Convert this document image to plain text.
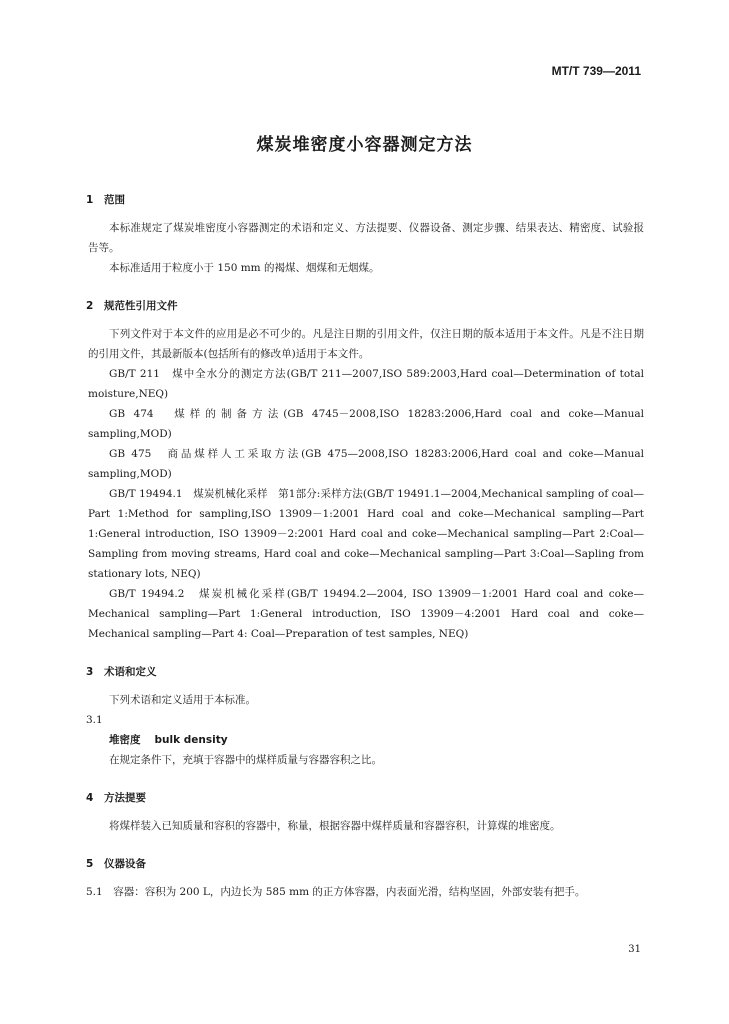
MT/T 739—2011
煤炭堆密度小容器测定方法
1 范围

本标准规定了煤炭堆密度小容器测定的术语和定义、方法提要、仪器设备、测定步骤、结果表达、精密度、试验报告等。

本标准适用于粒度小于 150 mm 的褐煤、烟煤和无烟煤。

2 规范性引用文件

下列文件对于本文件的应用是必不可少的。凡是注日期的引用文件，仅注日期的版本适用于本文件。凡是不注日期的引用文件，其最新版本(包括所有的修改单)适用于本文件。

GB/T 211　煤中全水分的测定方法(GB/T 211—2007,ISO 589:2003,Hard coal—Determination of total moisture,NEQ)

GB 474　煤样的制备方法(GB 4745－2008,ISO 18283:2006,Hard coal and coke—Manual sampling,MOD)

GB 475　商品煤样人工采取方法(GB 475—2008,ISO 18283:2006,Hard coal and coke—Manual sampling,MOD)

GB/T 19494.1　煤炭机械化采样　第1部分:采样方法(GB/T 19491.1—2004,Mechanical sampling of coal—Part 1:Method for sampling,ISO 13909－1:2001 Hard coal and coke—Mechanical sampling—Part 1:General introduction, ISO 13909－2:2001 Hard coal and coke—Mechanical sampling—Part 2:Coal—Sampling from moving streams, Hard coal and coke—Mechanical sampling—Part 3:Coal—Sapling from stationary lots, NEQ)

GB/T 19494.2　煤炭机械化采样(GB/T 19494.2—2004, ISO 13909－1:2001 Hard coal and coke—Mechanical sampling—Part 1:General introduction, ISO 13909－4:2001 Hard coal and coke—Mechanical sampling—Part 4: Coal—Preparation of test samples, NEQ)

3 术语和定义

下列术语和定义适用于本标准。

3.1
堆密度 bulk density

在规定条件下，充填于容器中的煤样质量与容器容积之比。

4 方法提要

将煤样装入已知质量和容积的容器中，称量，根据容器中煤样质量和容器容积，计算煤的堆密度。

5 仪器设备
5.1　 容器：容积为 200 L，内边长为 585 mm 的正方体容器，内表面光滑，结构坚固，外部安装有把手。
31
